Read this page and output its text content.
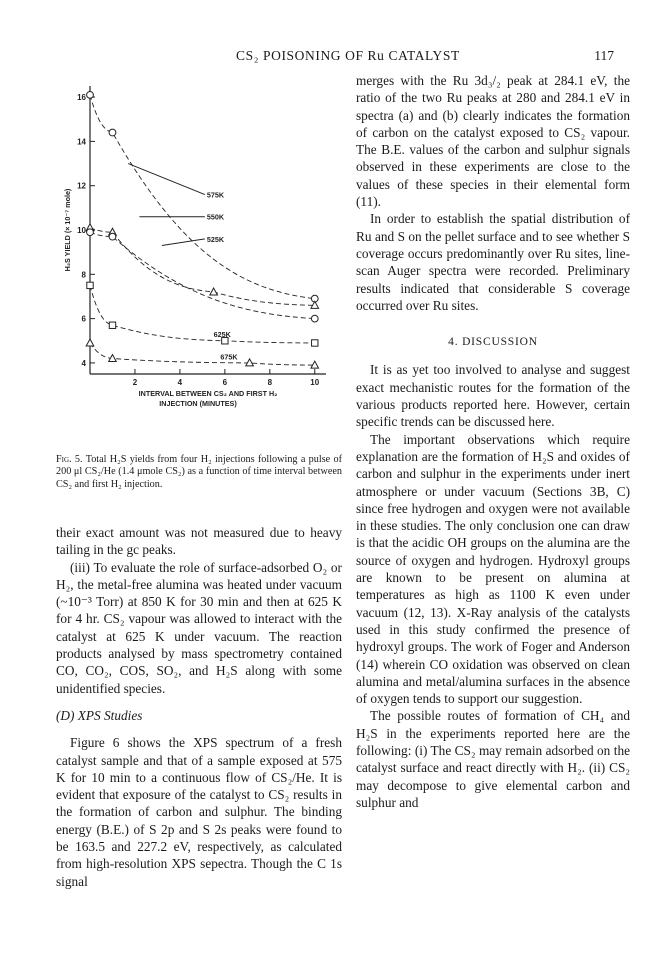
CS₂ POISONING OF Ru CATALYST	117
4
6
8
10
12
14
16
2	4	6	8	10
H₂S YIELD (× 10⁻⁷ mole)
INTERVAL BETWEEN CS₂ AND FIRST H₂
INJECTION (MINUTES)
575K
550K
525K
625K
675K
Fig. 5. Total H₂S yields from four H₂ injections following a pulse of 200 μl CS₂/He (1.4 μmole CS₂) as a function of time interval between CS₂ and first H₂ injection.

their exact amount was not measured due to heavy tailing in the gc peaks.

(iii) To evaluate the role of surface-adsorbed O₂ or H₂, the metal-free alumina was heated under vacuum (~10⁻³ Torr) at 850 K for 30 min and then at 625 K for 4 hr. CS₂ vapour was allowed to interact with the catalyst at 625 K under vacuum. The reaction products analysed by mass spectrometry contained CO, CO₂, COS, SO₂, and H₂S along with some unidentified species.

(D) XPS Studies

Figure 6 shows the XPS spectrum of a fresh catalyst sample and that of a sample exposed at 575 K for 10 min to a continuous flow of CS₂/He. It is evident that exposure of the catalyst to CS₂ results in the formation of carbon and sulphur. The binding energy (B.E.) of S 2p and S 2s peaks were found to be 163.5 and 227.2 eV, respectively, as calculated from high-resolution XPS sepectra. Though the C 1s signal

merges with the Ru 3d₃/₂ peak at 284.1 eV, the ratio of the two Ru peaks at 280 and 284.1 eV in spectra (a) and (b) clearly indicates the formation of carbon on the catalyst exposed to CS₂ vapour. The B.E. values of the carbon and sulphur signals observed in these experiments are close to the values of these species in their elemental form (11).

In order to establish the spatial distribution of Ru and S on the pellet surface and to see whether S coverage occurs predominantly over Ru sites, line-scan Auger spectra were recorded. Preliminary results indicated that considerable S coverage occurred over Ru sites.

4. DISCUSSION

It is as yet too involved to analyse and suggest exact mechanistic routes for the formation of the various products reported here. However, certain specific trends can be discussed here.

The important observations which require explanation are the formation of H₂S and oxides of carbon and sulphur in the experiments under inert atmosphere or under vacuum (Sections 3B, C) since free hydrogen and oxygen were not available in these studies. The only conclusion one can draw is that the acidic OH groups on the alumina are the source of oxygen and hydrogen. Hydroxyl groups are known to be present on alumina at temperatures as high as 1100 K even under vacuum (12, 13). X-Ray analysis of the catalysts used in this study confirmed the presence of hydroxyl groups. The work of Foger and Anderson (14) wherein CO oxidation was observed on clean alumina and metal/alumina surfaces in the absence of oxygen tends to support our suggestion.

The possible routes of formation of CH₄ and H₂S in the experiments reported here are the following: (i) The CS₂ may remain adsorbed on the catalyst surface and react directly with H₂. (ii) CS₂ may decompose to give elemental carbon and sulphur and
